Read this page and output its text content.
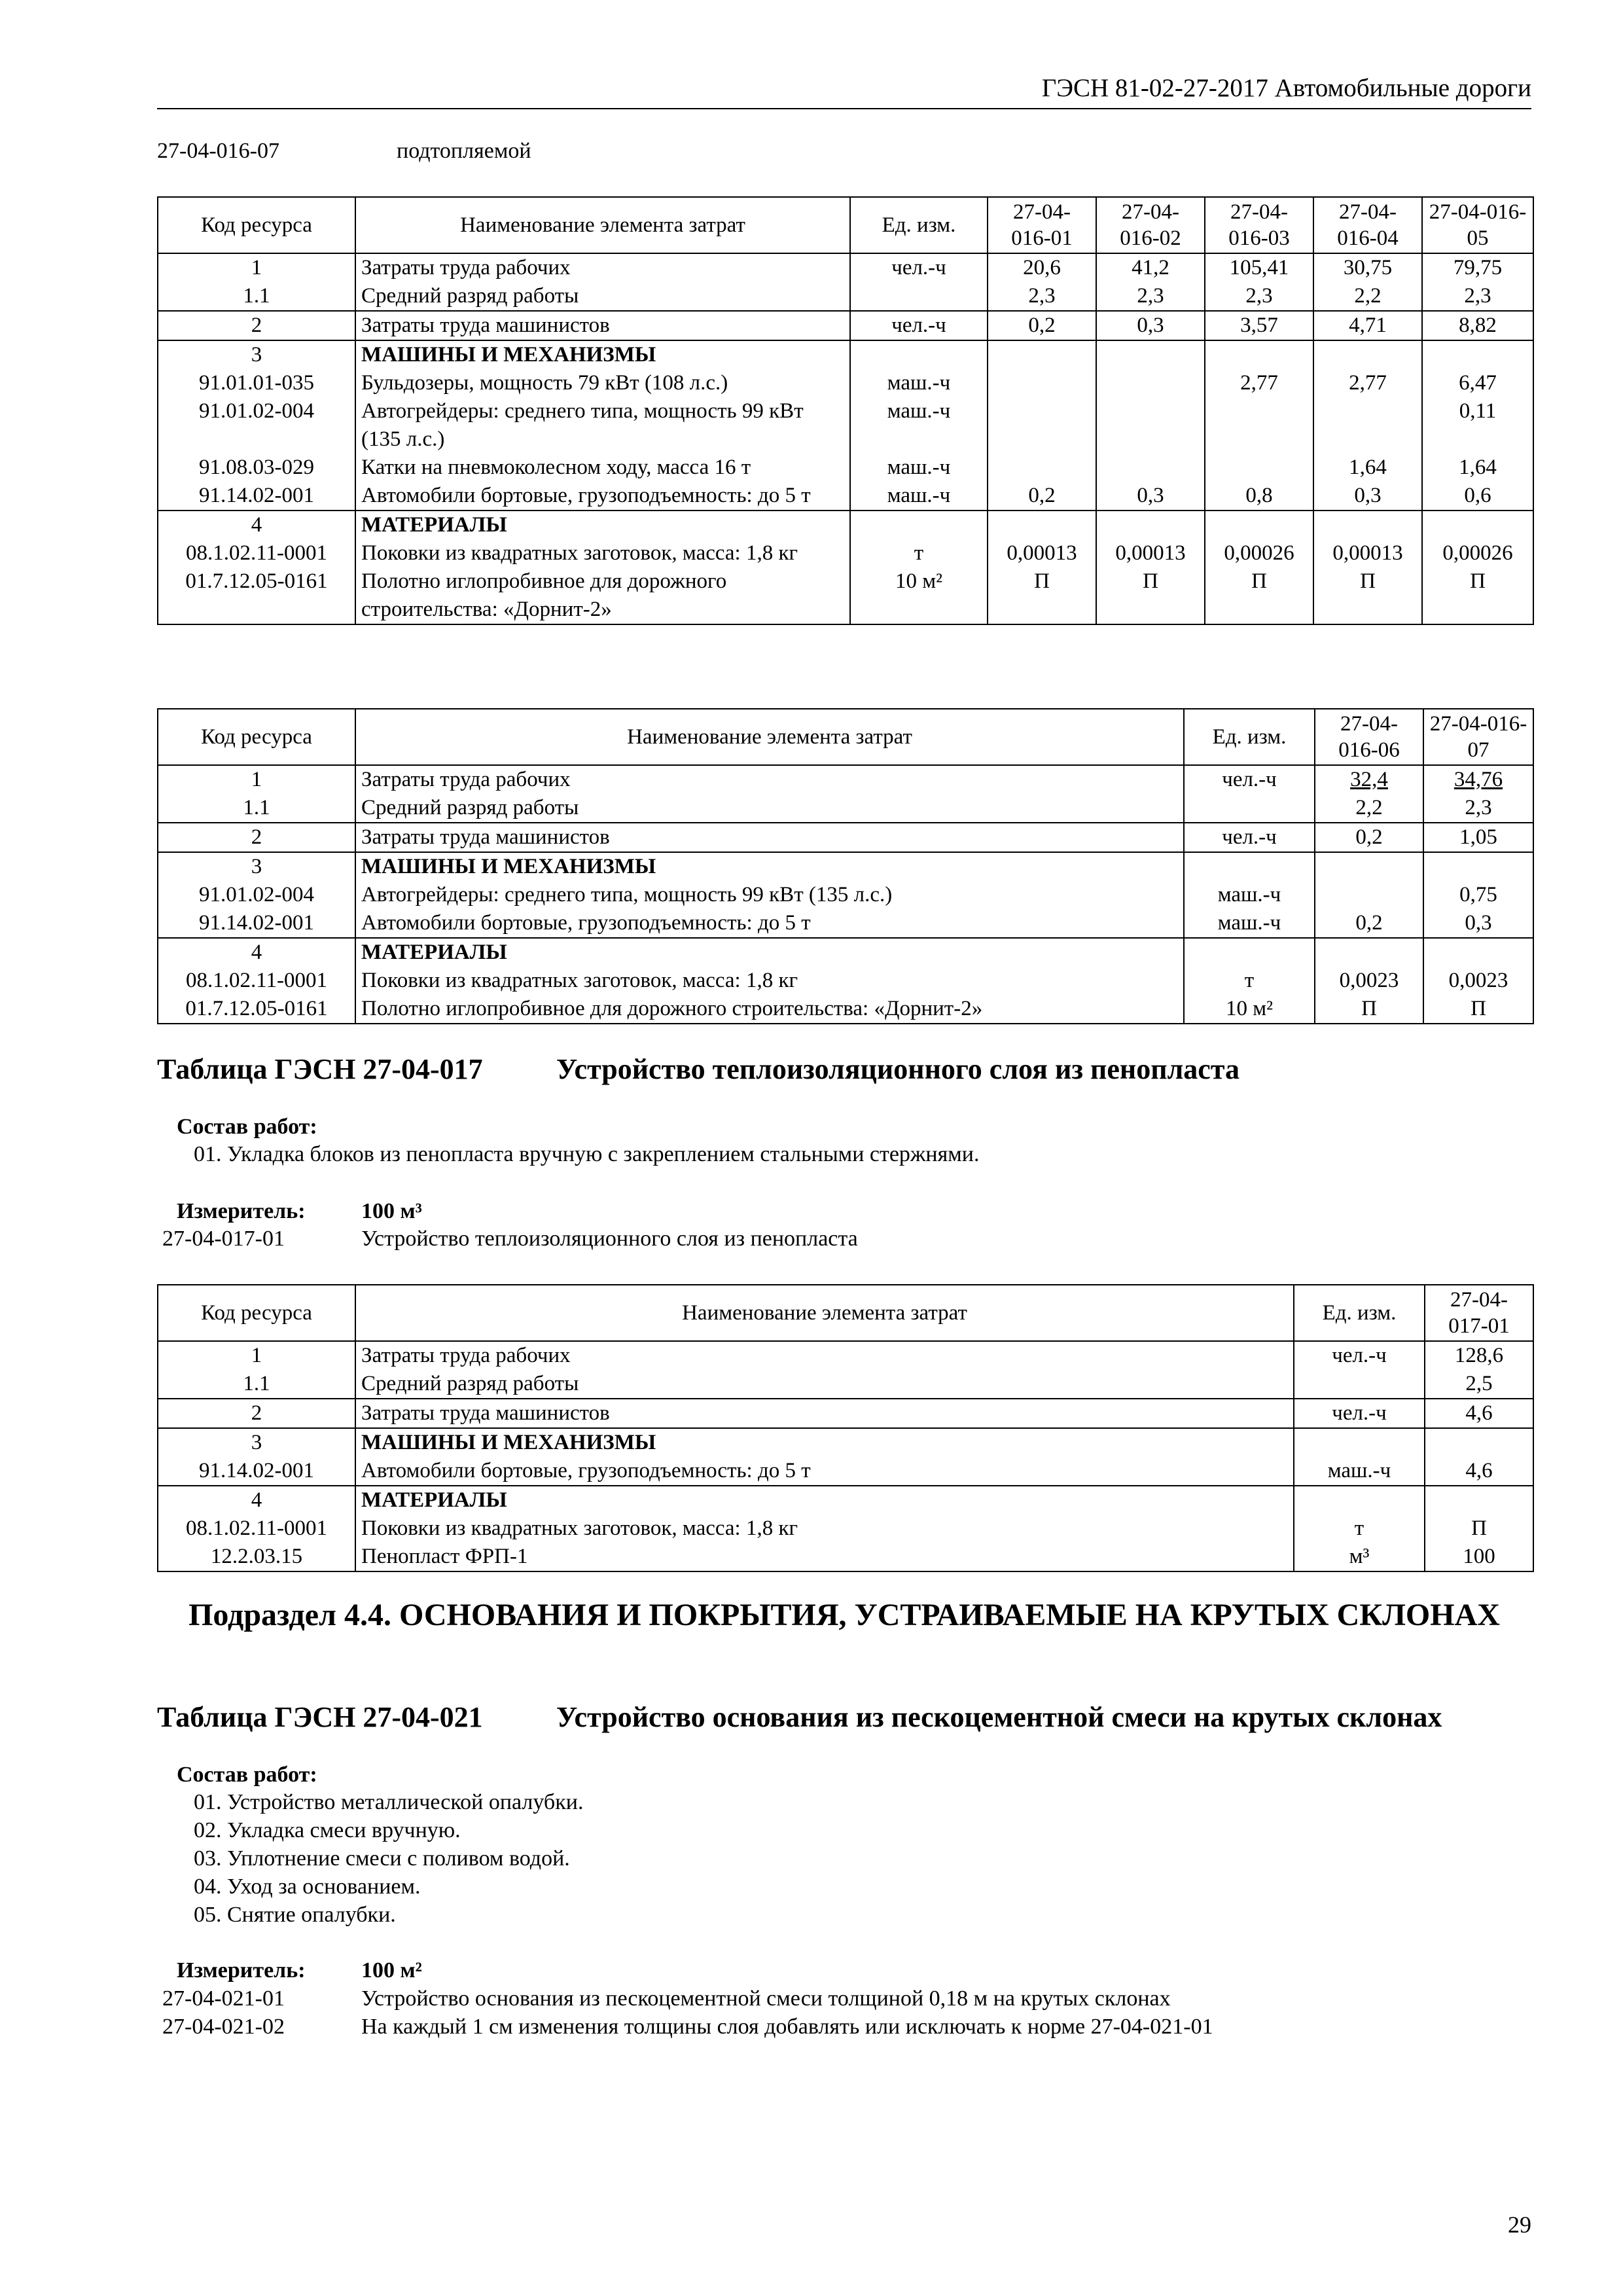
ГЭСН 81-02-27-2017 Автомобильные дороги
27-04-016-07	подтопляемой
Код ресурса	Наименование элемента затрат	Ед. изм.	27-04-016-01	27-04-016-02	27-04-016-03	27-04-016-04	27-04-016-05
1	Затраты труда рабочих	чел.-ч	20,6	41,2	105,41	30,75	79,75
1.1	Средний разряд работы		2,3	2,3	2,3	2,2	2,3
2	Затраты труда машинистов	чел.-ч	0,2	0,3	3,57	4,71	8,82
3	МАШИНЫ И МЕХАНИЗМЫ						
91.01.01-035	Бульдозеры, мощность 79 кВт (108 л.с.)	маш.-ч			2,77	2,77	6,47
91.01.02-004	Автогрейдеры: среднего типа, мощность 99 кВт (135 л.с.)	маш.-ч					0,11
91.08.03-029	Катки на пневмоколесном ходу, масса 16 т	маш.-ч				1,64	1,64
91.14.02-001	Автомобили бортовые, грузоподъемность: до 5 т	маш.-ч	0,2	0,3	0,8	0,3	0,6
4	МАТЕРИАЛЫ						
08.1.02.11-0001	Поковки из квадратных заготовок, масса: 1,8 кг	т	0,00013	0,00013	0,00026	0,00013	0,00026
01.7.12.05-0161	Полотно иглопробивное для дорожного строительства: «Дорнит-2»	10 м²	П	П	П	П	П
Код ресурса	Наименование элемента затрат	Ед. изм.	27-04-016-06	27-04-016-07
1	Затраты труда рабочих	чел.-ч	32,4	34,76
1.1	Средний разряд работы		2,2	2,3
2	Затраты труда машинистов	чел.-ч	0,2	1,05
3	МАШИНЫ И МЕХАНИЗМЫ			
91.01.02-004	Автогрейдеры: среднего типа, мощность 99 кВт (135 л.с.)	маш.-ч		0,75
91.14.02-001	Автомобили бортовые, грузоподъемность: до 5 т	маш.-ч	0,2	0,3
4	МАТЕРИАЛЫ			
08.1.02.11-0001	Поковки из квадратных заготовок, масса: 1,8 кг	т	0,0023	0,0023
01.7.12.05-0161	Полотно иглопробивное для дорожного строительства: «Дорнит-2»	10 м²	П	П
Таблица ГЭСН 27-04-017	Устройство теплоизоляционного слоя из пенопласта
Состав работ:
01. Укладка блоков из пенопласта вручную с закреплением стальными стержнями.
Измеритель:	100 м³
27-04-017-01	Устройство теплоизоляционного слоя из пенопласта
Код ресурса	Наименование элемента затрат	Ед. изм.	27-04-017-01
1	Затраты труда рабочих	чел.-ч	128,6
1.1	Средний разряд работы		2,5
2	Затраты труда машинистов	чел.-ч	4,6
3	МАШИНЫ И МЕХАНИЗМЫ		
91.14.02-001	Автомобили бортовые, грузоподъемность: до 5 т	маш.-ч	4,6
4	МАТЕРИАЛЫ		
08.1.02.11-0001	Поковки из квадратных заготовок, масса: 1,8 кг	т	П
12.2.03.15	Пенопласт ФРП-1	м³	100
Подраздел 4.4. ОСНОВАНИЯ И ПОКРЫТИЯ, УСТРАИВАЕМЫЕ НА КРУТЫХ СКЛОНАХ
Таблица ГЭСН 27-04-021	Устройство основания из пескоцементной смеси на крутых склонах
Состав работ:
01. Устройство металлической опалубки.
02. Укладка смеси вручную.
03. Уплотнение смеси с поливом водой.
04. Уход за основанием.
05. Снятие опалубки.
Измеритель:	100 м²
27-04-021-01	Устройство основания из пескоцементной смеси толщиной 0,18 м на крутых склонах
27-04-021-02	На каждый 1 см изменения толщины слоя добавлять или исключать к норме 27-04-021-01
29
